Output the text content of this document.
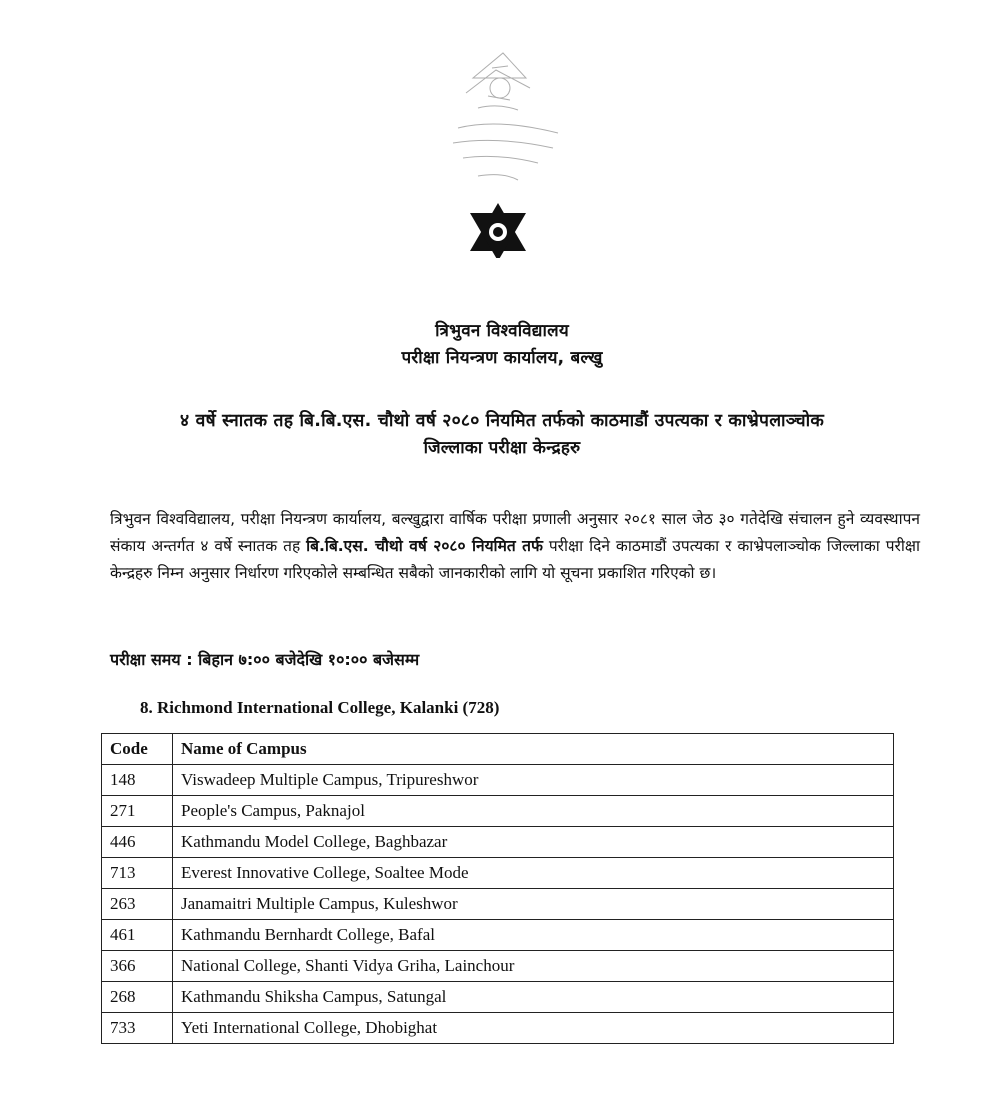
त्रिभुवन विश्वविद्यालय
परीक्षा नियन्त्रण कार्यालय, बल्खु
४ वर्षे स्नातक तह बि.बि.एस. चौथो वर्ष २०८० नियमित तर्फको काठमाडौं उपत्यका र काभ्रेपलाञ्चोक
जिल्लाका परीक्षा केन्द्रहरु

त्रिभुवन विश्वविद्यालय, परीक्षा नियन्त्रण कार्यालय, बल्खुद्वारा वार्षिक परीक्षा प्रणाली अनुसार २०८१ साल जेठ ३० गतेदेखि संचालन हुने व्यवस्थापन संकाय अन्तर्गत ४ वर्षे स्नातक तह बि.बि.एस. चौथो वर्ष २०८० नियमित तर्फ परीक्षा दिने काठमाडौं उपत्यका र काभ्रेपलाञ्चोक जिल्लाका परीक्षा केन्द्रहरु निम्न अनुसार निर्धारण गरिएकोले सम्बन्धित सबैको जानकारीको लागि यो सूचना प्रकाशित गरिएको छ।

परीक्षा समय : बिहान ७:०० बजेदेखि १०:०० बजेसम्म
8. Richmond International College, Kalanki (728)
Code	Name of Campus
148	Viswadeep Multiple Campus, Tripureshwor
271	People's Campus, Paknajol
446	Kathmandu Model College, Baghbazar
713	Everest Innovative College, Soaltee Mode
263	Janamaitri Multiple Campus, Kuleshwor
461	Kathmandu Bernhardt College, Bafal
366	National College, Shanti Vidya Griha, Lainchour
268	Kathmandu Shiksha Campus, Satungal
733	Yeti International College, Dhobighat
